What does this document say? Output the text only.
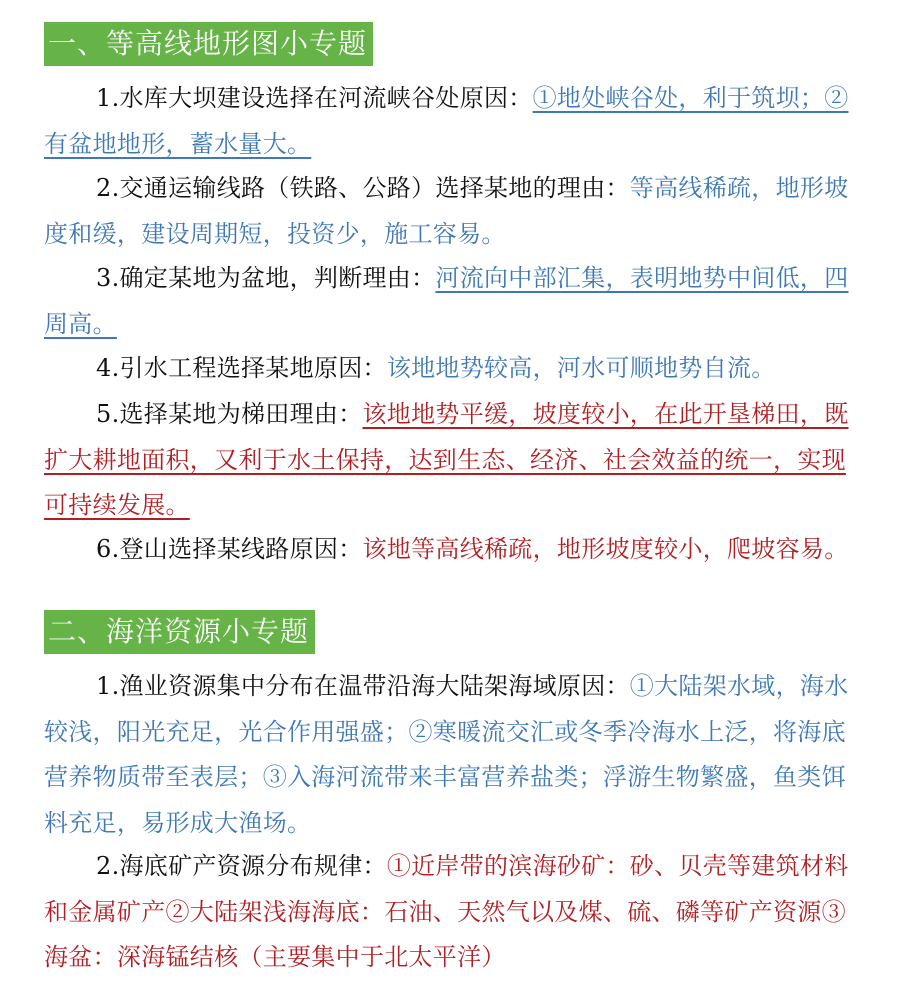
一、等高线地形图小专题

1.水库大坝建设选择在河流峡谷处原因：①地处峡谷处，利于筑坝；②有盆地地形，蓄水量大。

2.交通运输线路（铁路、公路）选择某地的理由：等高线稀疏，地形坡度和缓，建设周期短，投资少，施工容易。

3.确定某地为盆地，判断理由：河流向中部汇集，表明地势中间低，四周高。

4.引水工程选择某地原因：该地地势较高，河水可顺地势自流。

5.选择某地为梯田理由：该地地势平缓，坡度较小，在此开垦梯田，既扩大耕地面积，又利于水土保持，达到生态、经济、社会效益的统一，实现可持续发展。

6.登山选择某线路原因：该地等高线稀疏，地形坡度较小，爬坡容易。

二、海洋资源小专题

1.渔业资源集中分布在温带沿海大陆架海域原因：①大陆架水域，海水较浅，阳光充足，光合作用强盛；②寒暖流交汇或冬季冷海水上泛，将海底营养物质带至表层；③入海河流带来丰富营养盐类；浮游生物繁盛，鱼类饵料充足，易形成大渔场。

2.海底矿产资源分布规律：①近岸带的滨海砂矿：砂、贝壳等建筑材料和金属矿产②大陆架浅海海底：石油、天然气以及煤、硫、磷等矿产资源③海盆：深海锰结核（主要集中于北太平洋）
